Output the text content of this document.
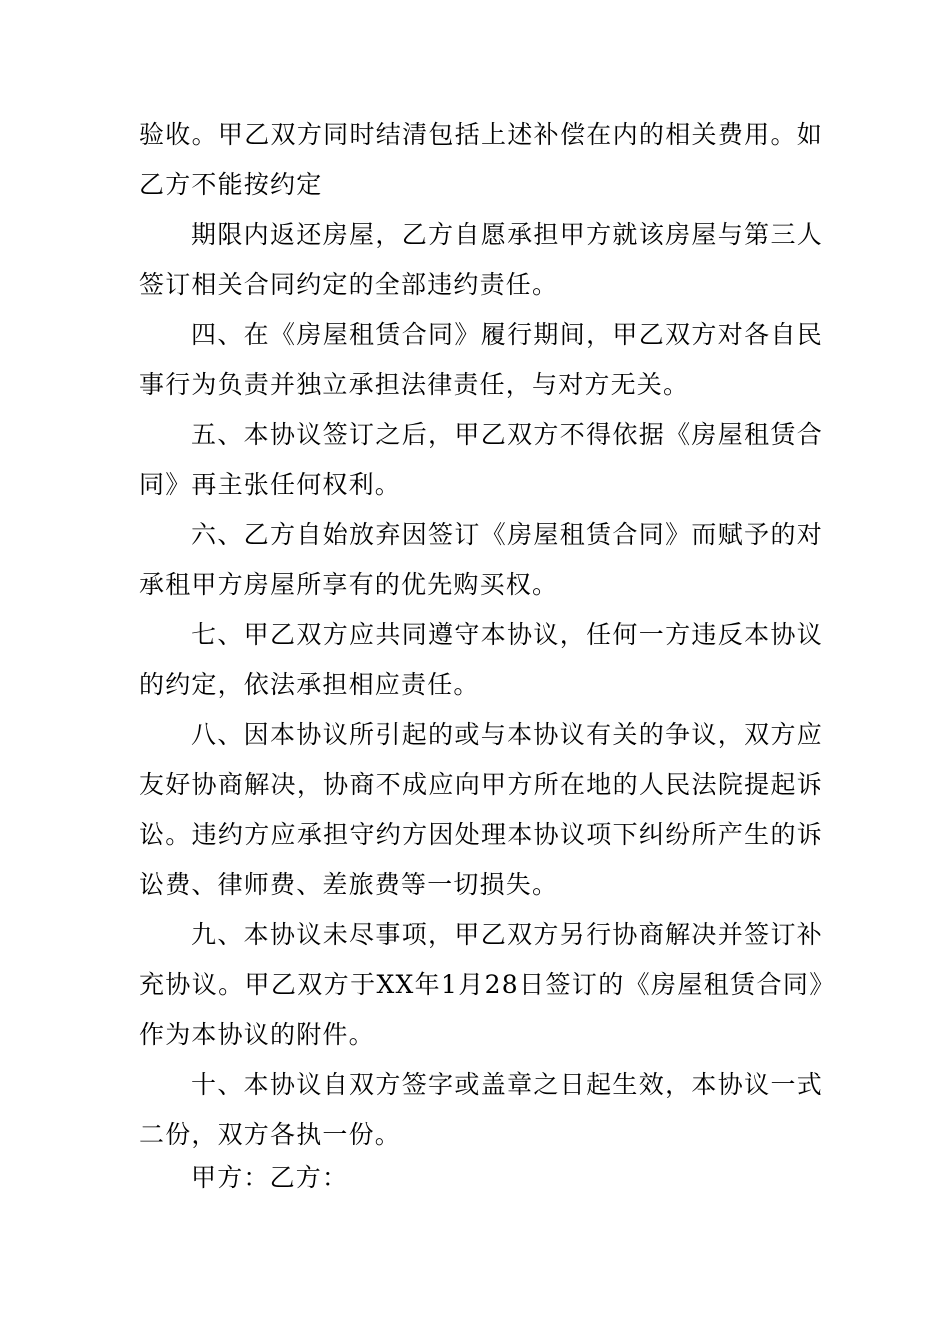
验收。甲乙双方同时结清包括上述补偿在内的相关费用。如乙方不能按约定

期限内返还房屋，乙方自愿承担甲方就该房屋与第三人签订相关合同约定的全部违约责任。

四、在《房屋租赁合同》履行期间，甲乙双方对各自民事行为负责并独立承担法律责任，与对方无关。

五、本协议签订之后，甲乙双方不得依据《房屋租赁合同》再主张任何权利。

六、乙方自始放弃因签订《房屋租赁合同》而赋予的对承租甲方房屋所享有的优先购买权。

七、甲乙双方应共同遵守本协议，任何一方违反本协议的约定，依法承担相应责任。

八、因本协议所引起的或与本协议有关的争议，双方应友好协商解决，协商不成应向甲方所在地的人民法院提起诉讼。违约方应承担守约方因处理本协议项下纠纷所产生的诉讼费、律师费、差旅费等一切损失。

九、本协议未尽事项，甲乙双方另行协商解决并签订补充协议。甲乙双方于XX年1月28日签订的《房屋租赁合同》作为本协议的附件。

十、本协议自双方签字或盖章之日起生效，本协议一式二份，双方各执一份。

甲方：乙方：
